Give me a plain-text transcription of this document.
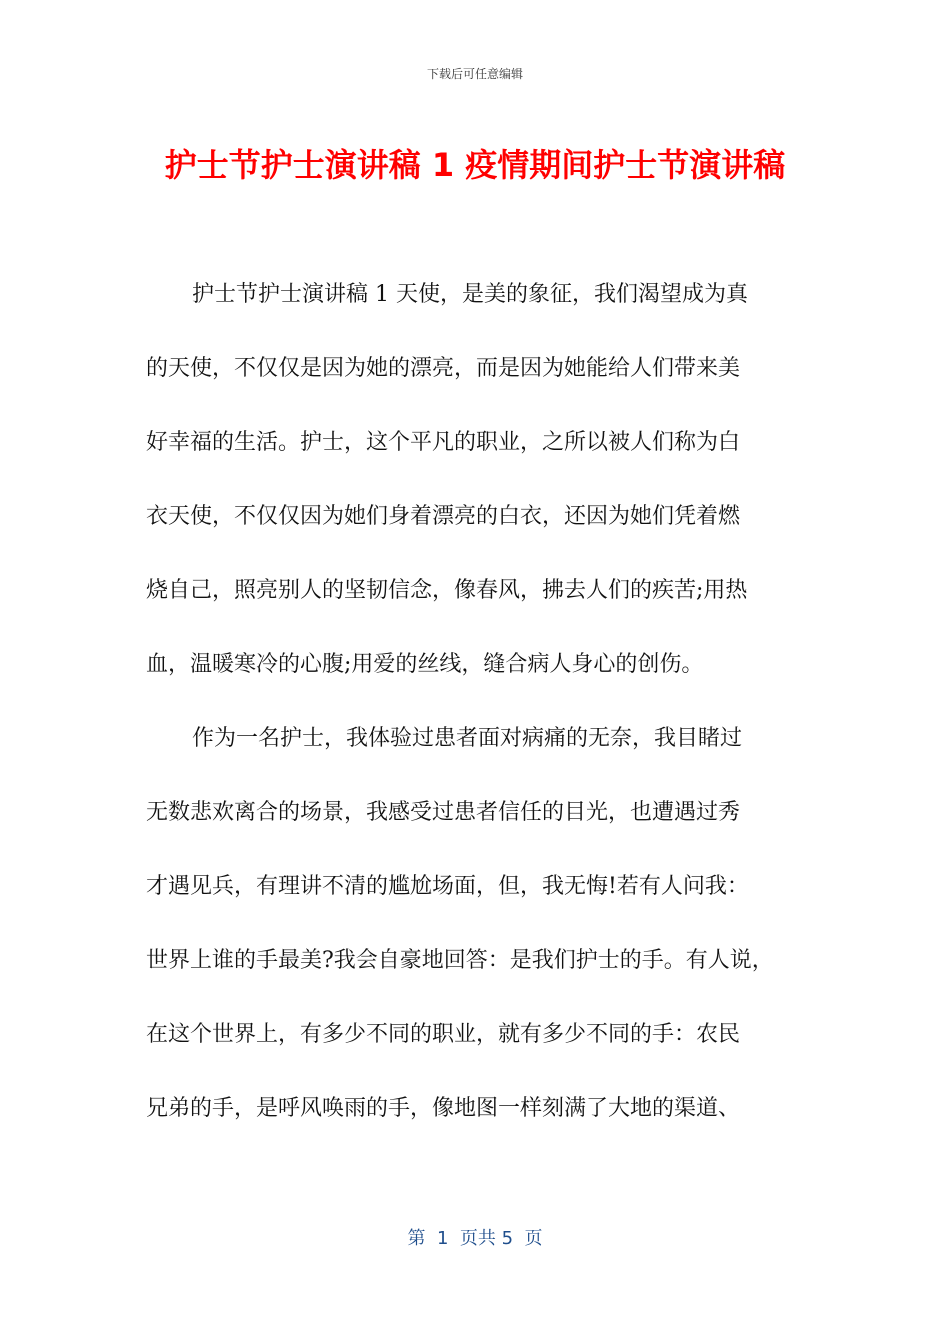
下载后可任意编辑
护士节护士演讲稿 1 疫情期间护士节演讲稿
护士节护士演讲稿 1 天使，是美的象征，我们渴望成为真
的天使，不仅仅是因为她的漂亮，而是因为她能给人们带来美
好幸福的生活。护士，这个平凡的职业，之所以被人们称为白
衣天使，不仅仅因为她们身着漂亮的白衣，还因为她们凭着燃
烧自己，照亮别人的坚韧信念，像春风，拂去人们的疾苦;用热
血，温暖寒冷的心腹;用爱的丝线，缝合病人身心的创伤。
作为一名护士，我体验过患者面对病痛的无奈，我目睹过
无数悲欢离合的场景，我感受过患者信任的目光，也遭遇过秀
才遇见兵，有理讲不清的尴尬场面，但，我无悔!若有人问我：
世界上谁的手最美?我会自豪地回答：是我们护士的手。有人说，
在这个世界上，有多少不同的职业，就有多少不同的手：农民
兄弟的手，是呼风唤雨的手，像地图一样刻满了大地的渠道、
第  1  页共 5  页
